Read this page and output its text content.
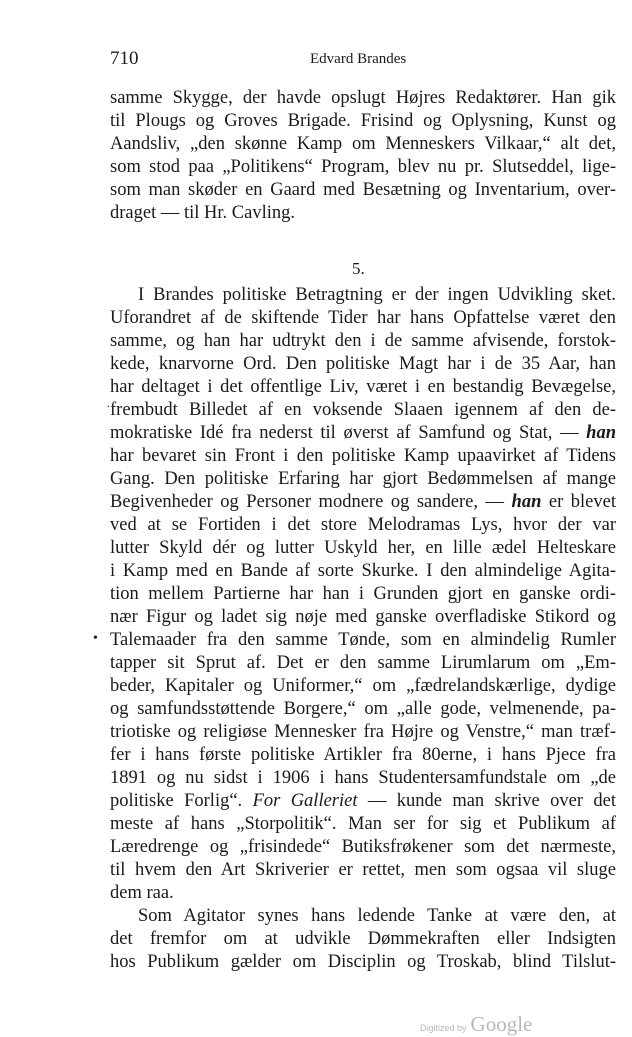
710	Edvard Brandes
samme Skygge, der havde opslugt Højres Redaktører. Han gik
til Plougs og Groves Brigade. Frisind og Oplysning, Kunst og
Aandsliv, „den skønne Kamp om Menneskers Vilkaar,“ alt det,
som stod paa „Politikens“ Program, blev nu pr. Slutseddel, lige-
som man skøder en Gaard med Besætning og Inventarium, over-
draget — til Hr. Cavling.
5.
I Brandes politiske Betragtning er der ingen Udvikling sket.
Uforandret af de skiftende Tider har hans Opfattelse været den
samme, og han har udtrykt den i de samme afvisende, forstok-
kede, knarvorne Ord. Den politiske Magt har i de 35 Aar, han
har deltaget i det offentlige Liv, været i en bestandig Bevægelse,
frembudt Billedet af en voksende Slaaen igennem af den de-
mokratiske Idé fra nederst til øverst af Samfund og Stat, — han
har bevaret sin Front i den politiske Kamp upaavirket af Tidens
Gang. Den politiske Erfaring har gjort Bedømmelsen af mange
Begivenheder og Personer modnere og sandere, — han er blevet
ved at se Fortiden i det store Melodramas Lys, hvor der var
lutter Skyld dér og lutter Uskyld her, en lille ædel Helteskare
i Kamp med en Bande af sorte Skurke. I den almindelige Agita-
tion mellem Partierne har han i Grunden gjort en ganske ordi-
nær Figur og ladet sig nøje med ganske overfladiske Stikord og
Talemaader fra den samme Tønde, som en almindelig Rumler
tapper sit Sprut af. Det er den samme Lirumlarum om „Em-
beder, Kapitaler og Uniformer,“ om „fædrelandskærlige, dydige
og samfundsstøttende Borgere,“ om „alle gode, velmenende, pa-
triotiske og religiøse Mennesker fra Højre og Venstre,“ man træf-
fer i hans første politiske Artikler fra 80erne, i hans Pjece fra
1891 og nu sidst i 1906 i hans Studentersamfundstale om „de
politiske Forlig“. For Galleriet — kunde man skrive over det
meste af hans „Storpolitik“. Man ser for sig et Publikum af
Læredrenge og „frisindede“ Butiksfrøkener som det nærmeste,
til hvem den Art Skriverier er rettet, men som ogsaa vil sluge
dem raa.
Som Agitator synes hans ledende Tanke at være den, at
det fremfor om at udvikle Dømmekraften eller Indsigten
hos Publikum gælder om Disciplin og Troskab, blind Tilslut-
•
.
Digitized by Google
